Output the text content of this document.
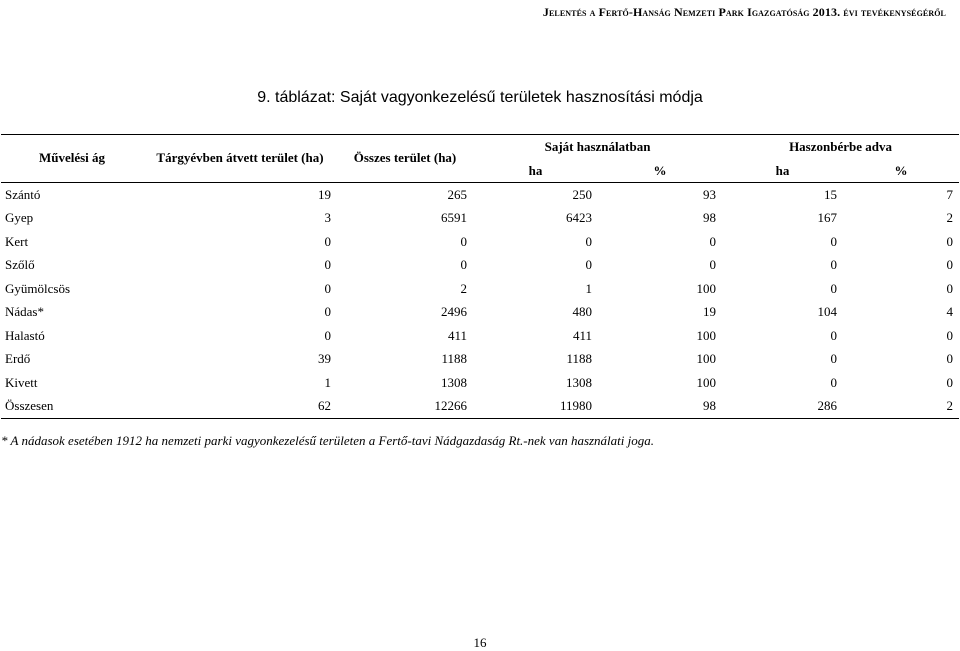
Jelentés a Fertő-Hanság Nemzeti Park Igazgatóság 2013. évi tevékenységéről
9. táblázat: Saját vagyonkezelésű területek hasznosítási módja
Művelési ág	Tárgyévben átvett terület (ha)	Összes terület (ha)	Saját használatban		Haszonbérbe adva	
			ha	%	ha	%
Szántó	19	265	250	93	15	7
Gyep	3	6591	6423	98	167	2
Kert	0	0	0	0	0	0
Szőlő	0	0	0	0	0	0
Gyümölcsös	0	2	1	100	0	0
Nádas*	0	2496	480	19	104	4
Halastó	0	411	411	100	0	0
Erdő	39	1188	1188	100	0	0
Kivett	1	1308	1308	100	0	0
Összesen	62	12266	11980	98	286	2
* A nádasok esetében 1912 ha nemzeti parki vagyonkezelésű területen a Fertő-tavi Nádgazdaság Rt.-nek van használati joga.
16
